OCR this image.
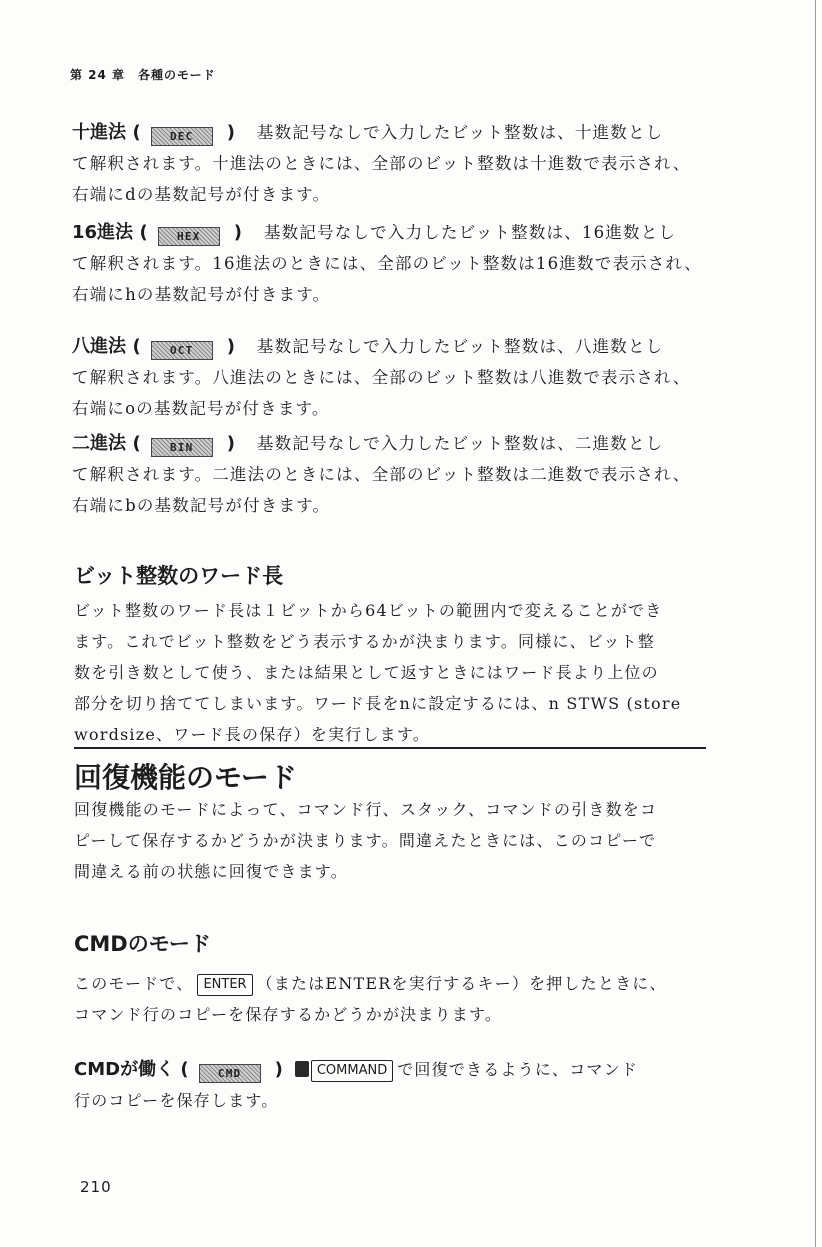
第 24 章　各種のモード
十進法 (	DEC ) 基数記号なしで入力したビット整数は、十進数とし
て解釈されます。十進法のときには、全部のビット整数は十進数で表示され、
右端にdの基数記号が付きます。
16進法 (	HEX ) 基数記号なしで入力したビット整数は、16進数とし
て解釈されます。16進法のときには、全部のビット整数は16進数で表示され、
右端にhの基数記号が付きます。
八進法 (	OCT ) 基数記号なしで入力したビット整数は、八進数とし
て解釈されます。八進法のときには、全部のビット整数は八進数で表示され、
右端にoの基数記号が付きます。
二進法 (	BIN ) 基数記号なしで入力したビット整数は、二進数とし
て解釈されます。二進法のときには、全部のビット整数は二進数で表示され、
右端にbの基数記号が付きます。
ビット整数のワード長
ビット整数のワード長は１ビットから64ビットの範囲内で変えることができ
ます。これでビット整数をどう表示するかが決まります。同様に、ビット整
数を引き数として使う、または結果として返すときにはワード長より上位の
部分を切り捨ててしまいます。ワード長をnに設定するには、n STWS (store
wordsize、ワード長の保存）を実行します。
回復機能のモード
回復機能のモードによって、コマンド行、スタック、コマンドの引き数をコ
ピーして保存するかどうかが決まります。間違えたときには、このコピーで
間違える前の状態に回復できます。
CMDのモード
このモードで、 ENTER （またはENTERを実行するキー）を押したときに、
コマンド行のコピーを保存するかどうかが決まります。
CMDが働く (	CMD )	COMMAND で回復できるように、コマンド
行のコピーを保存します。
210
